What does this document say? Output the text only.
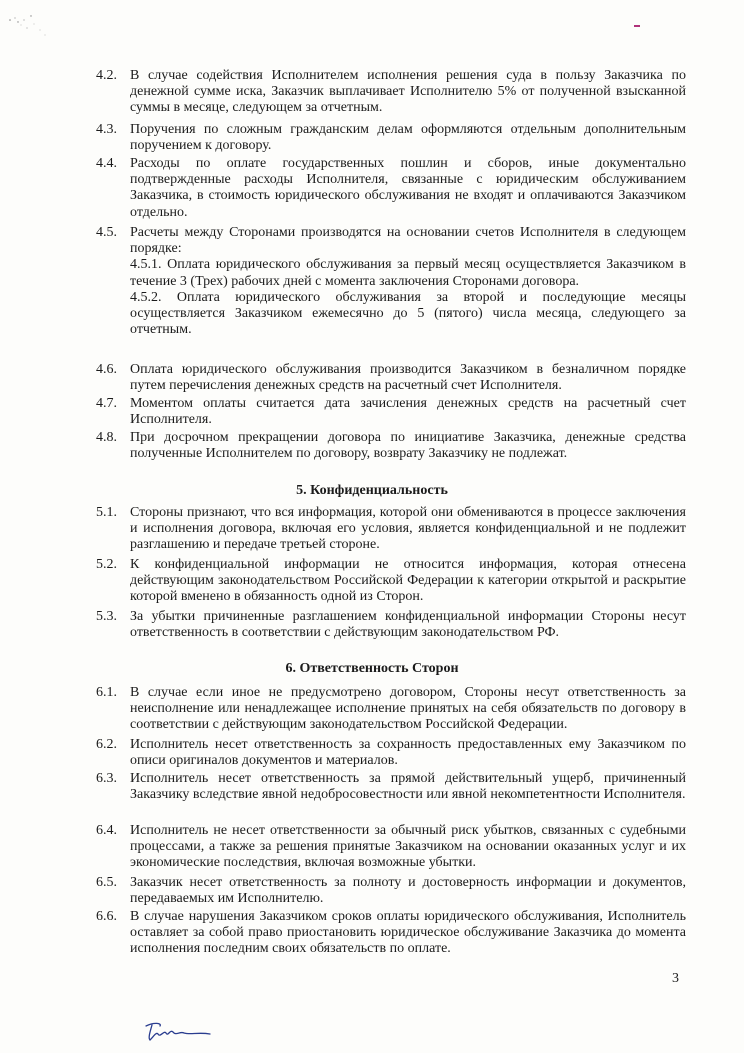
4.2. В случае содействия Исполнителем исполнения решения суда в пользу Заказчика по денежной сумме иска, Заказчик выплачивает Исполнителю 5% от полученной взысканной суммы в месяце, следующем за отчетным.
4.3. Поручения по сложным гражданским делам оформляются отдельным дополнительным поручением к договору.
4.4. Расходы по оплате государственных пошлин и сборов, иные документально подтвержденные расходы Исполнителя, связанные с юридическим обслуживанием Заказчика, в стоимость юридического обслуживания не входят и оплачиваются Заказчиком отдельно.
4.5. Расчеты между Сторонами производятся на основании счетов Исполнителя в следующем порядке:
4.5.1. Оплата юридического обслуживания за первый месяц осуществляется Заказчиком в течение 3 (Трех) рабочих дней с момента заключения Сторонами договора.
4.5.2. Оплата юридического обслуживания за второй и последующие месяцы осуществляется Заказчиком ежемесячно до 5 (пятого) числа месяца, следующего за отчетным.
4.6. Оплата юридического обслуживания производится Заказчиком в безналичном порядке путем перечисления денежных средств на расчетный счет Исполнителя.
4.7. Моментом оплаты считается дата зачисления денежных средств на расчетный счет Исполнителя.
4.8. При досрочном прекращении договора по инициативе Заказчика, денежные средства полученные Исполнителем по договору, возврату Заказчику не подлежат.
5. Конфиденциальность
5.1. Стороны признают, что вся информация, которой они обмениваются в процессе заключения и исполнения договора, включая его условия, является конфиденциальной и не подлежит разглашению и передаче третьей стороне.
5.2. К конфиденциальной информации не относится информация, которая отнесена действующим законодательством Российской Федерации к категории открытой и раскрытие которой вменено в обязанность одной из Сторон.
5.3. За убытки причиненные разглашением конфиденциальной информации Стороны несут ответственность в соответствии с действующим законодательством РФ.
6. Ответственность Сторон
6.1. В случае если иное не предусмотрено договором, Стороны несут ответственность за неисполнение или ненадлежащее исполнение принятых на себя обязательств по договору в соответствии с действующим законодательством Российской Федерации.
6.2. Исполнитель несет ответственность за сохранность предоставленных ему Заказчиком по описи оригиналов документов и материалов.
6.3. Исполнитель несет ответственность за прямой действительный ущерб, причиненный Заказчику вследствие явной недобросовестности или явной некомпетентности Исполнителя.
6.4. Исполнитель не несет ответственности за обычный риск убытков, связанных с судебными процессами, а также за решения принятые Заказчиком на основании оказанных услуг и их экономические последствия, включая возможные убытки.
6.5. Заказчик несет ответственность за полноту и достоверность информации и документов, передаваемых им Исполнителю.
6.6. В случае нарушения Заказчиком сроков оплаты юридического обслуживания, Исполнитель оставляет за собой право приостановить юридическое обслуживание Заказчика до момента исполнения последним своих обязательств по оплате.
3
